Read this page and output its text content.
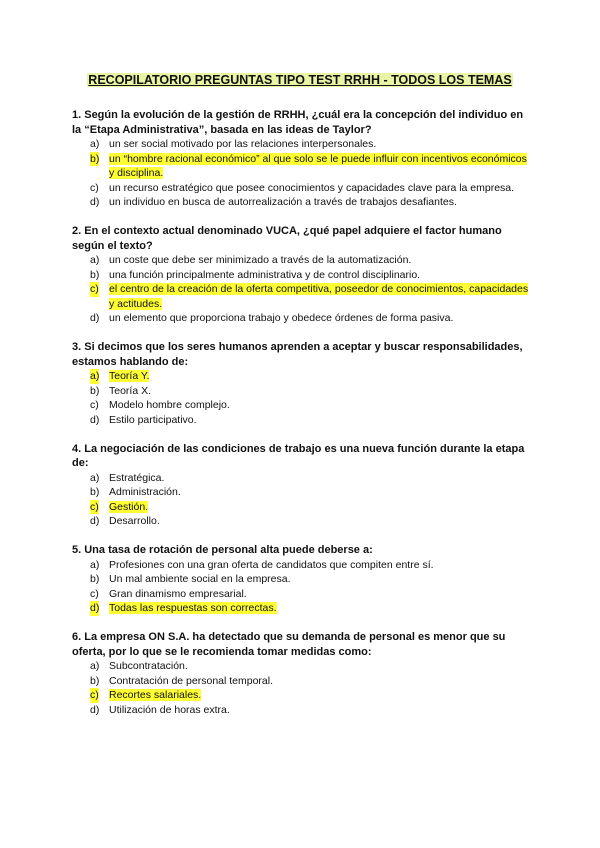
RECOPILATORIO PREGUNTAS TIPO TEST RRHH - TODOS LOS TEMAS

1. Según la evolución de la gestión de RRHH, ¿cuál era la concepción del individuo en la “Etapa Administrativa”, basada en las ideas de Taylor?

a) un ser social motivado por las relaciones interpersonales.
b) un “hombre racional económico” al que solo se le puede influir con incentivos económicos y disciplina.
c) un recurso estratégico que posee conocimientos y capacidades clave para la empresa.
d) un individuo en busca de autorrealización a través de trabajos desafiantes.

2. En el contexto actual denominado VUCA, ¿qué papel adquiere el factor humano según el texto?

a) un coste que debe ser minimizado a través de la automatización.
b) una función principalmente administrativa y de control disciplinario.
c) el centro de la creación de la oferta competitiva, poseedor de conocimientos, capacidades y actitudes.
d) un elemento que proporciona trabajo y obedece órdenes de forma pasiva.

3. Si decimos que los seres humanos aprenden a aceptar y buscar responsabilidades, estamos hablando de:

a) Teoría Y.
b) Teoría X.
c) Modelo hombre complejo.
d) Estilo participativo.

4. La negociación de las condiciones de trabajo es una nueva función durante la etapa de:

a) Estratégica.
b) Administración.
c) Gestión.
d) Desarrollo.

5. Una tasa de rotación de personal alta puede deberse a:

a) Profesiones con una gran oferta de candidatos que compiten entre sí.
b) Un mal ambiente social en la empresa.
c) Gran dinamismo empresarial.
d) Todas las respuestas son correctas.

6. La empresa ON S.A. ha detectado que su demanda de personal es menor que su oferta, por lo que se le recomienda tomar medidas como:

a) Subcontratación.
b) Contratación de personal temporal.
c) Recortes salariales.
d) Utilización de horas extra.
